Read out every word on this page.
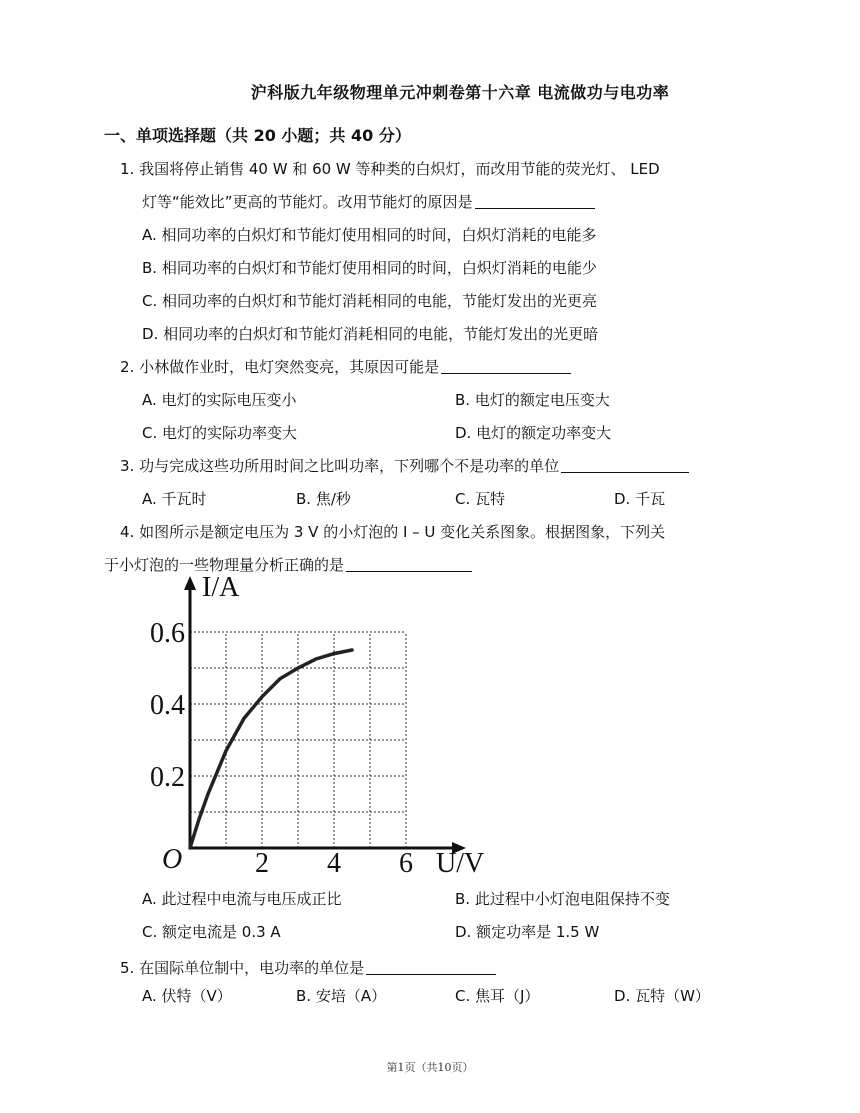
沪科版九年级物理单元冲刺卷第十六章 电流做功与电功率
一、单项选择题（共 20 小题；共 40 分）
1. 我国将停止销售 40 W 和 60 W 等种类的白炽灯，而改用节能的荧光灯、 LED
灯等“能效比”更高的节能灯。改用节能灯的原因是
A. 相同功率的白炽灯和节能灯使用相同的时间，白炽灯消耗的电能多
B. 相同功率的白炽灯和节能灯使用相同的时间，白炽灯消耗的电能少
C. 相同功率的白炽灯和节能灯消耗相同的电能，节能灯发出的光更亮
D. 相同功率的白炽灯和节能灯消耗相同的电能，节能灯发出的光更暗
2. 小林做作业时，电灯突然变亮，其原因可能是
A. 电灯的实际电压变小	B. 电灯的额定电压变大
C. 电灯的实际功率变大	D. 电灯的额定功率变大
3. 功与完成这些功所用时间之比叫功率，下列哪个不是功率的单位
A. 千瓦时	B. 焦/秒	C. 瓦特	D. 千瓦
4. 如图所示是额定电压为 3 V 的小灯泡的 I – U 变化关系图象。根据图象，下列关
于小灯泡的一些物理量分析正确的是
2 4 6
0.2
0.4
0.6
O
I/A
U/V
A. 此过程中电流与电压成正比	B. 此过程中小灯泡电阻保持不变
C. 额定电流是 0.3 A	D. 额定功率是 1.5 W
5. 在国际单位制中，电功率的单位是
A. 伏特（V）	B. 安培（A）	C. 焦耳（J）	D. 瓦特（W）
第1页（共10页）
